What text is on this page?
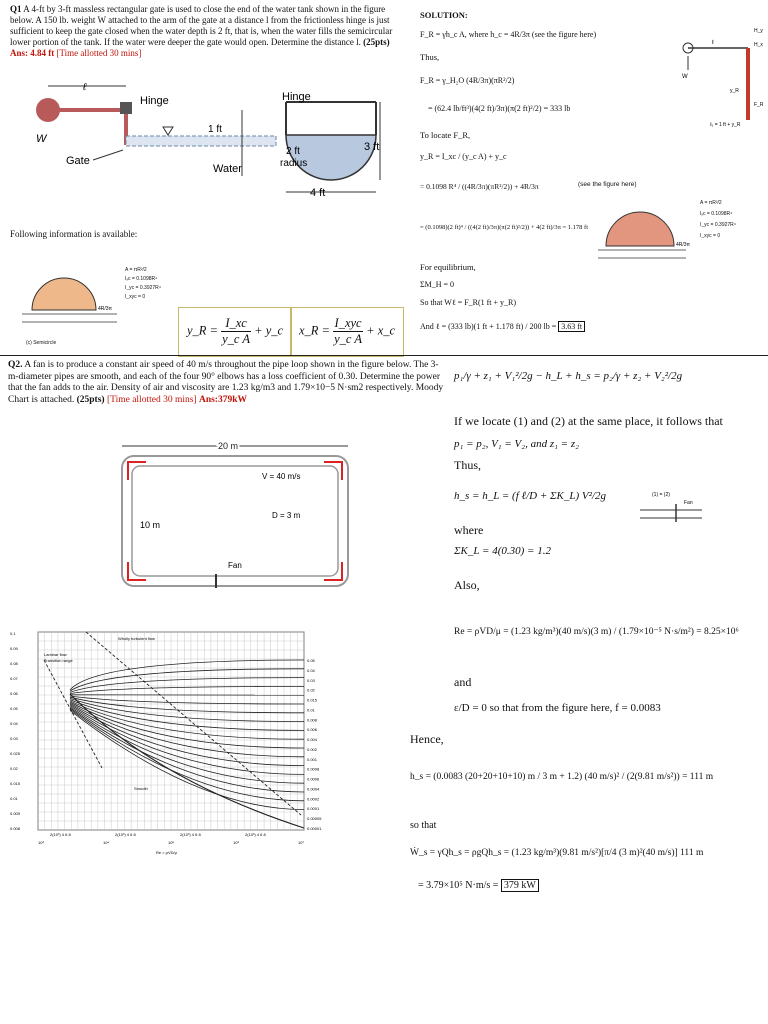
Q1 A 4-ft by 3-ft massless rectangular gate is used to close the end of the water tank shown in the figure below. A 150 lb. weight W attached to the arm of the gate at a distance l from the frictionless hinge is just sufficient to keep the gate closed when the water depth is 2 ft, that is, when the water fills the semicircular lower portion of the tank. If the water were deeper the gate would open. Determine the distance l. (25pts) Ans: 4.84 ft [Time allotted 30 mins]
ℓ
W
Hinge
Gate
1 ft
Water
Hinge
2 ft
radius
3 ft
4 ft
Following information is available:
4R/3π
(c) Semicircle
A = πR²/2
Iₓc = 0.1098R⁴
I_yc = 0.3927R⁴
I_xyc = 0
y_R = $\frac{I\_xc}{\text{y\_c A}}$ + y_c x_R = $\frac{\text{I\_xyc}}{\text{y\_c A}}$ + x_c
SOLUTION:
F_R = γh_c A, where h_c = 4R/3π (see the figure here)
Thus,
F_R = γ_H₂O (4R/3π)(πR²/2)
= (62.4 lb/ft³)(4(2 ft)/3π)(π(2 ft)²/2) = 333 lb
To locate F_R,
y_R = I_xc / (y_c A) + y_c
= 0.1098 R⁴ / ((4R/3π)(πR²/2)) + 4R/3π	(see the figure here)
= (0.1098)(2 ft)⁴ / ((4(2 ft)/3π)(π(2 ft)²/2)) + 4(2 ft)/3π = 1.178 ft
For equilibrium,
ΣM_H = 0
So that Wℓ = F_R(1 ft + y_R)
And ℓ = (333 lb)(1 ft + 1.178 ft) / 200 lb = 3.63 ft
W
ℓ
H_y
H_x
F_R
y_R
ℓ₁ = 1 ft + y_R
A = πR²/2
Iₓc = 0.1098R⁴
I_yc = 0.3927R⁴
I_xyc = 0
4R/3π
Q2. A fan is to produce a constant air speed of 40 m/s throughout the pipe loop shown in the figure below. The 3-m-diameter pipes are smooth, and each of the four 90° elbows has a loss coefficient of 0.30. Determine the power that the fan adds to the air. Density of air and viscosity are 1.23 kg/m3 and 1.79×10−5 N·sm2 respectively. Moody Chart is attached. (25pts) [Time allotted 30 mins] Ans:379kW
20 m
V = 40 m/s
D = 3 m
10 m
Fan
Wholly turbulent flow
Laminar flow
Transition range
Smooth
0.1
0.09
0.08
0.07
0.06
0.05
0.04
0.03
0.025
0.02
0.015
0.01
0.009
0.008
0.05
0.04
0.03
0.02
0.015
0.01
0.008
0.006
0.004
0.002
0.001
0.0008
0.0006
0.0004
0.0002
0.0001
0.00005
0.00001
10³
2(10³) 4 6 8
10⁴
2(10³) 4 6 8
10⁵
2(10³) 4 6 8
10⁶
2(10³) 4 6 8
10⁷
Re = ρVD/μ
p₁/γ + z₁ + V₁²/2g − h_L + h_s = p₂/γ + z₂ + V₂²/2g
If we locate (1) and (2) at the same place, it follows that
p₁ = p₂, V₁ = V₂, and z₁ = z₂
Thus,
h_s = h_L = (f ℓ/D + ΣK_L) V²/2g
where
ΣK_L = 4(0.30) = 1.2
Also,
Re = ρVD/μ = (1.23 kg/m³)(40 m/s)(3 m) / (1.79×10⁻⁵ N·s/m²) = 8.25×10⁶
and
ε/D = 0 so that from the figure here, f = 0.0083
Hence,
h_s = (0.0083 (20+20+10+10) m / 3 m + 1.2) (40 m/s)² / (2(9.81 m/s²)) = 111 m
so that
Ẇ_s = γQh_s = ρgQh_s = (1.23 kg/m³)(9.81 m/s²)[π/4 (3 m)²(40 m/s)] 111 m
= 3.79×10⁵ N·m/s = 379 kW
(1) = (2)
Fan
